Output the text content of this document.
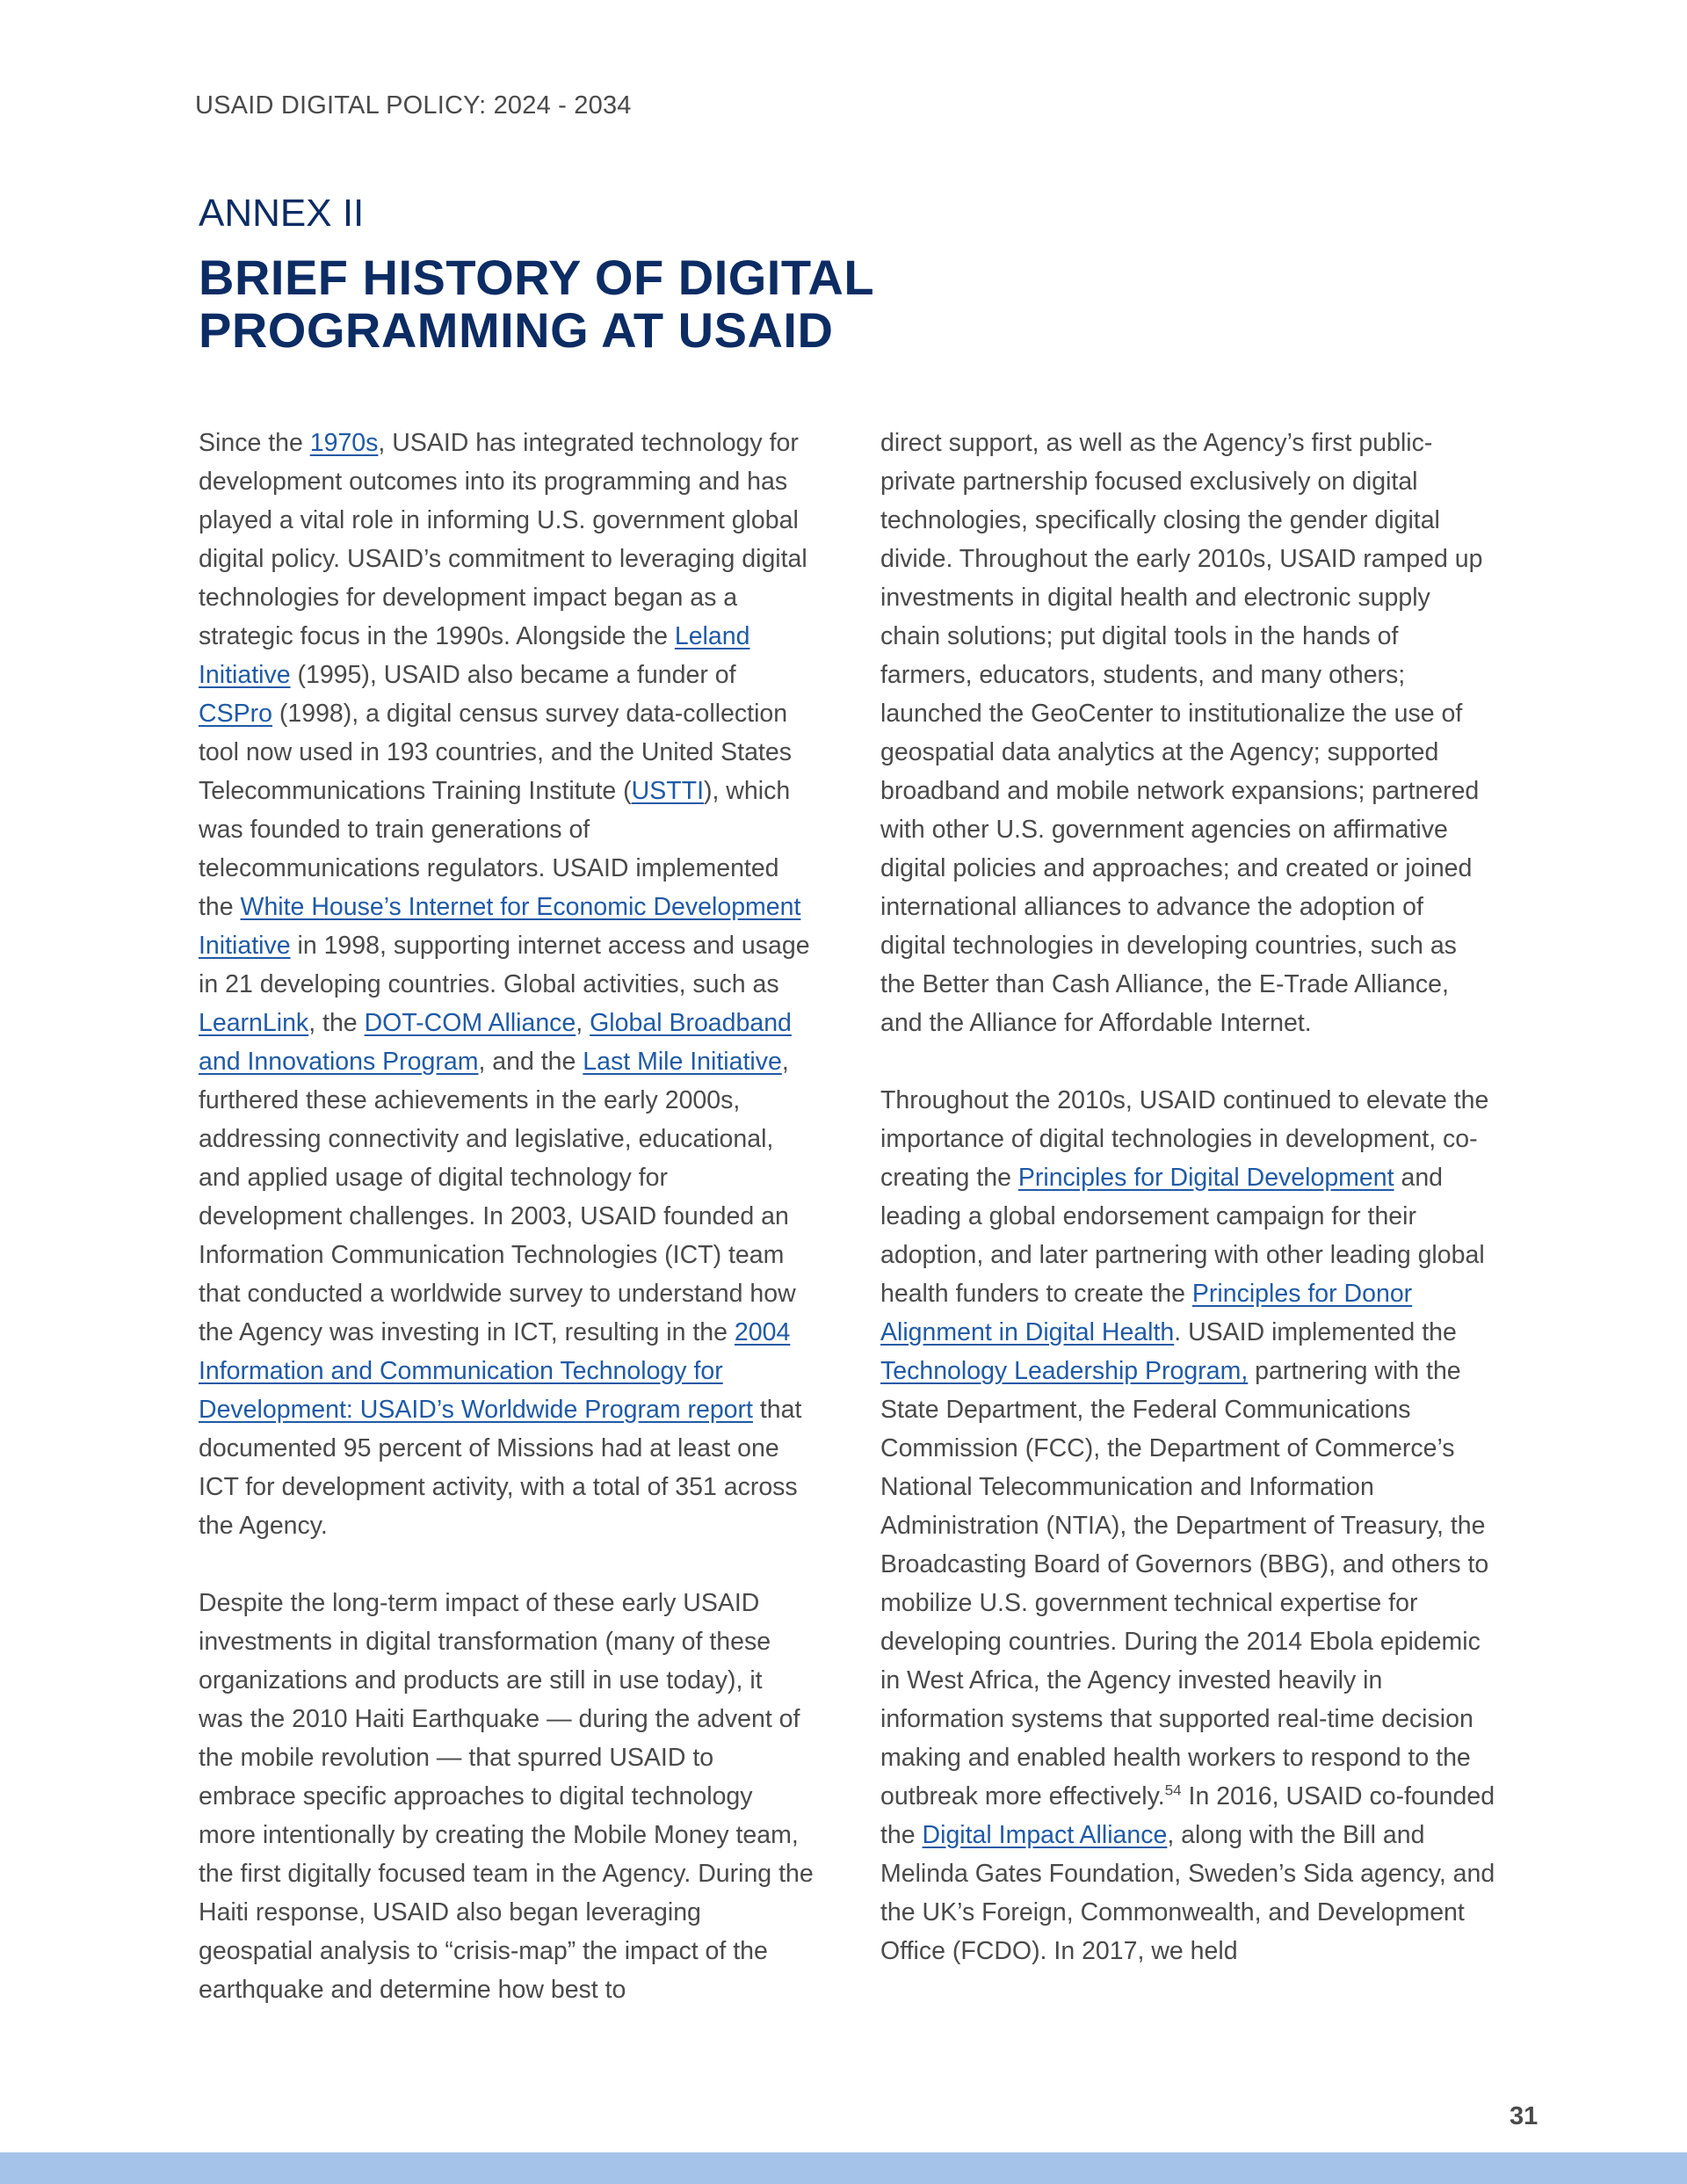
USAID DIGITAL POLICY: 2024 - 2034
ANNEX II
BRIEF HISTORY OF DIGITAL
PROGRAMMING AT USAID

Since the 1970s, USAID has integrated technology for development outcomes into its programming and has played a vital role in informing U.S. government global digital policy. USAID’s commitment to leveraging digital technologies for development impact began as a strategic focus in the 1990s. Alongside the Leland Initiative (1995), USAID also became a funder of CSPro (1998), a digital census survey data-collection tool now used in 193 countries, and the United States Telecommunications Training Institute (USTTI), which was founded to train generations of telecommunications regulators. USAID implemented the White House’s Internet for Economic Development Initiative in 1998, supporting internet access and usage in 21 developing countries. Global activities, such as LearnLink, the DOT-COM Alliance, Global Broadband and Innovations Program, and the Last Mile Initiative, furthered these achievements in the early 2000s, addressing connectivity and legislative, educational, and applied usage of digital technology for development challenges. In 2003, USAID founded an Information Communication Technologies (ICT) team that conducted a worldwide survey to understand how the Agency was investing in ICT, resulting in the 2004 Information and Communication Technology for Development: USAID’s Worldwide Program report that documented 95 percent of Missions had at least one ICT for development activity, with a total of 351 across the Agency.

Despite the long-term impact of these early USAID investments in digital transformation (many of these organizations and products are still in use today), it was the 2010 Haiti Earthquake — during the advent of the mobile revolution — that spurred USAID to embrace specific approaches to digital technology more intentionally by creating the Mobile Money team, the first digitally focused team in the Agency. During the Haiti response, USAID also began leveraging geospatial analysis to “crisis-map” the impact of the earthquake and determine how best to

direct support, as well as the Agency’s first public-private partnership focused exclusively on digital technologies, specifically closing the gender digital divide. Throughout the early 2010s, USAID ramped up investments in digital health and electronic supply chain solutions; put digital tools in the hands of farmers, educators, students, and many others; launched the GeoCenter to institutionalize the use of geospatial data analytics at the Agency; supported broadband and mobile network expansions; partnered with other U.S. government agencies on affirmative digital policies and approaches; and created or joined international alliances to advance the adoption of digital technologies in developing countries, such as the Better than Cash Alliance, the E-Trade Alliance, and the Alliance for Affordable Internet.

Throughout the 2010s, USAID continued to elevate the importance of digital technologies in development, co-creating the Principles for Digital Development and leading a global endorsement campaign for their adoption, and later partnering with other leading global health funders to create the Principles for Donor Alignment in Digital Health. USAID implemented the Technology Leadership Program, partnering with the State Department, the Federal Communications Commission (FCC), the Department of Commerce’s National Telecommunication and Information Administration (NTIA), the Department of Treasury, the Broadcasting Board of Governors (BBG), and others to mobilize U.S. government technical expertise for developing countries. During the 2014 Ebola epidemic in West Africa, the Agency invested heavily in information systems that supported real-time decision making and enabled health workers to respond to the outbreak more effectively.$^{54}$ In 2016, USAID co-founded the Digital Impact Alliance, along with the Bill and Melinda Gates Foundation, Sweden’s Sida agency, and the UK’s Foreign, Commonwealth, and Development Office (FCDO). In 2017, we held

31
